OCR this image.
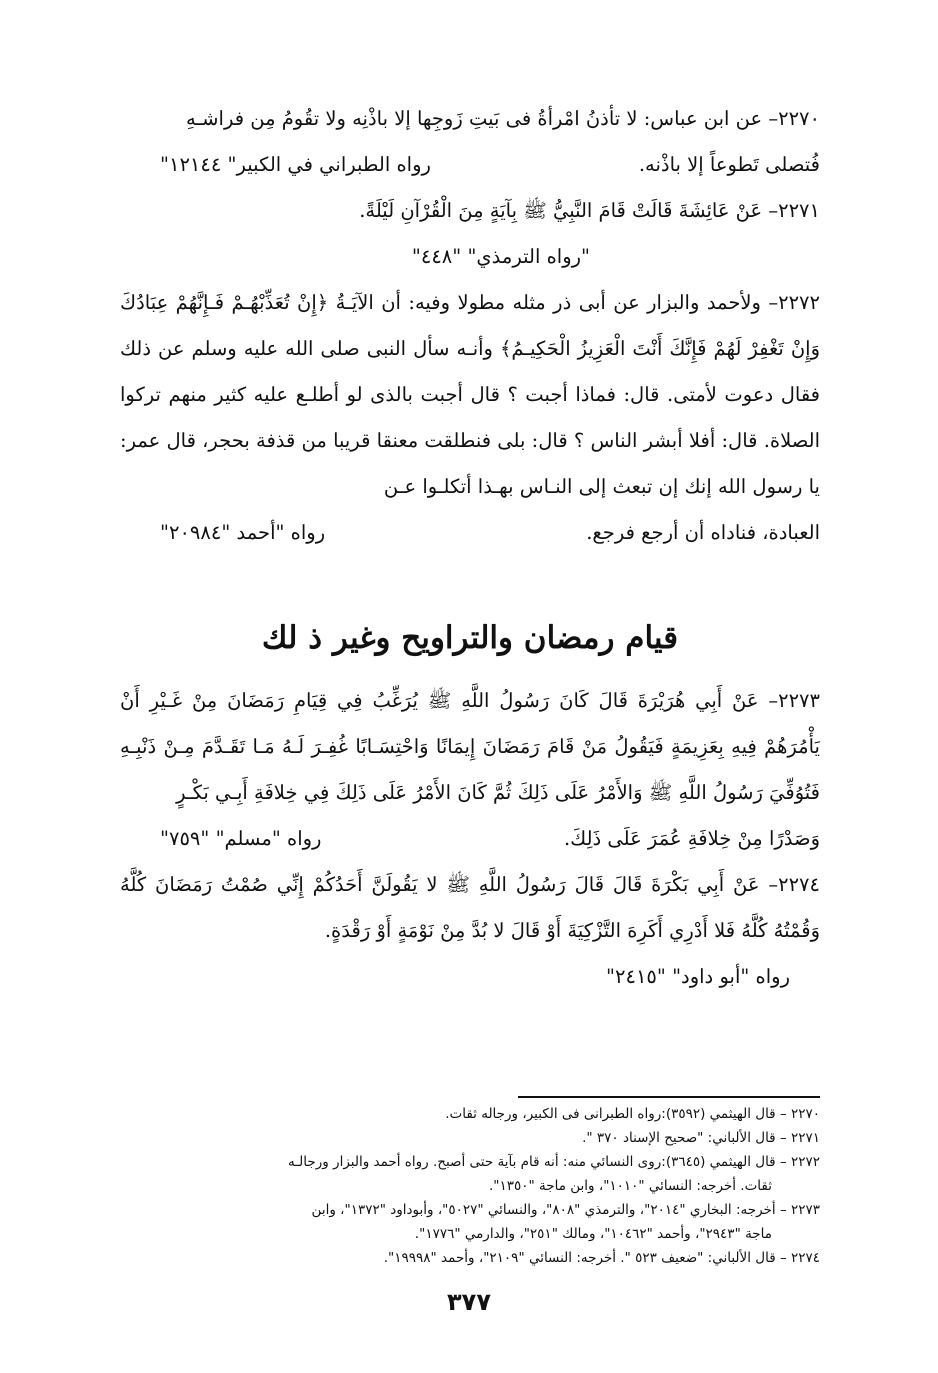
٢٢٧٠– عن ابن عباس: لا تأذنُ امْرأةُ فى بَيتِ زَوجِها إلا باذْنِه ولا تقُومُ مِن فراشـهِ

فُتصلى تَطوعاً إلا باذْنه.
رواه الطبراني في الكبير" ١٢١٤٤"

٢٢٧١– عَنْ عَائِشَةَ قَالَتْ قَامَ النَّبِيُّ ﷺ بِآيَةٍ مِنَ الْقُرْآنِ لَيْلَةً.

"رواه الترمذي" "٤٤٨"

٢٢٧٢– ولأحمد والبزار عن أبى ذر مثله مطولا وفيه: أن الآيَـةُ ﴿إِنْ تُعَذِّبْهُـمْ فَـإِنَّهُمْ عِبَادُكَ وَإِنْ تَغْفِرْ لَهُمْ فَإِنَّكَ أَنْتَ الْعَزِيزُ الْحَكِيـمُ﴾ وأنـه سأل النبى صلى الله عليه وسلم عن ذلك فقال دعوت لأمتى. قال: فماذا أجبت ؟ قال أجبت بالذى لو أطلـع عليه كثير منهم تركوا الصلاة. قال: أفلا أبشر الناس ؟ قال: بلى فنطلقت معنقا قريبا من قذفة بحجر، قال عمر: يا رسول الله إنك إن تبعث إلى النـاس بهـذا أتكلـوا عـن

العبادة، فناداه أن أرجع فرجع.
رواه "أحمد "٢٠٩٨٤"
قيام رمضان والتراويح وغير ذ لك

٢٢٧٣– عَنْ أَبِي هُرَيْرَةَ قَالَ كَانَ رَسُولُ اللَّهِ ﷺ يُرَغِّبُ فِي قِيَامِ رَمَضَانَ مِنْ غَـيْرِ أَنْ يَأْمُرَهُمْ فِيهِ بِعَزِيمَةٍ فَيَقُولُ مَنْ قَامَ رَمَضَانَ إِيمَانًا وَاحْتِسَـابًا غُفِـرَ لَـهُ مَـا تَقَـدَّمَ مِـنْ ذَنْبِـهِ فَتُوُفِّيَ رَسُولُ اللَّهِ ﷺ وَالأَمْرُ عَلَى ذَلِكَ ثُمَّ كَانَ الأَمْرُ عَلَى ذَلِكَ فِي خِلافَةِ أَبِـي بَكْـرٍ

وَصَدْرًا مِنْ خِلافَةِ عُمَرَ عَلَى ذَلِكَ.
رواه "مسلم" "٧٥٩"

٢٢٧٤– عَنْ أَبِي بَكْرَةَ قَالَ قَالَ رَسُولُ اللَّهِ ﷺ لا يَقُولَنَّ أَحَدُكُمْ إِنِّي صُمْتُ رَمَضَانَ كُلَّهُ وَقُمْتُهُ كُلَّهُ فَلا أَدْرِي أَكَرِهَ التَّزْكِيَةَ أَوْ قَالَ لا بُدَّ مِنْ نَوْمَةٍ أَوْ رَقْدَةٍ.

رواه "أبو داود" "٢٤١٥"

٢٢٧٠ – قال الهيثمي (٣٥٩٢):رواه الطبرانى فى الكبير، ورجاله ثقات.

٢٢٧١ – قال الألباني: "صحيح الإسناد ٣٧٠ ".

٢٢٧٢ – قال الهيثمي (٣٦٤٥):روى النسائي منه: أنه قام بآية حتى أصبح. رواه أحمد والبزار ورجالـه
ثقات. أخرجه: النسائي "١٠١٠"، وابن ماجة "١٣٥٠".

٢٢٧٣ – أخرجه: البخاري "٢٠١٤"، والترمذي "٨٠٨"، والنسائي "٥٠٢٧"، وأبوداود "١٣٧٢"، وابن
ماجة "٢٩٤٣"، وأحمد "١٠٤٦٢"، ومالك "٢٥١"، والدارمي "١٧٧٦".

٢٢٧٤ – قال الألباني: "ضعيف ٥٢٣ ". أخرجه: النسائي "٢١٠٩"، وأحمد "١٩٩٩٨".

٣٧٧
